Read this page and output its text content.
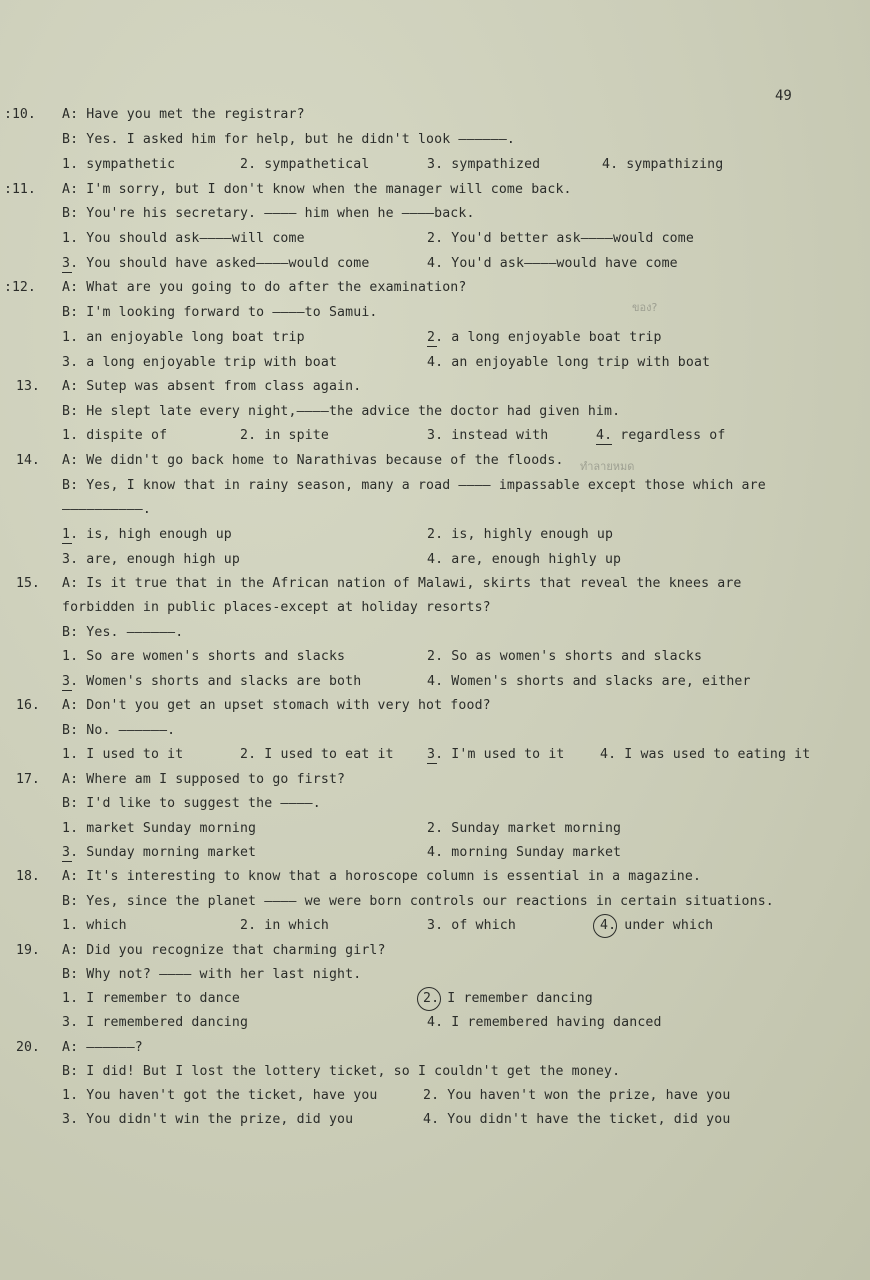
49
:10. A: Have you met the registrar?
B: Yes. I asked him for help, but he didn't look ——————.
1. sympathetic	2. sympathetical	3. sympathized	4. sympathizing
:11. A: I'm sorry, but I don't know when the manager will come back.
B: You're his secretary. ———— him when he ————back.
1. You should ask————will come	2. You'd better ask————would come
3. You should have asked————would come	4. You'd ask————would have come
:12. A: What are you going to do after the examination?
B: I'm looking forward to ————to Samui.	ของ?
1. an enjoyable long boat trip	2. a long enjoyable boat trip
3. a long enjoyable trip with boat	4. an enjoyable long trip with boat
13. A: Sutep was absent from class again.
B: He slept late every night,————the advice the doctor had given him.
1. dispite of	2. in spite	3. instead with	4. regardless of
14. A: We didn't go back home to Narathivas because of the floods. ทำลายหมด
B: Yes, I know that in rainy season, many a road ———— impassable except those which are
——————————.
1. is, high enough up	2. is, highly enough up
3. are, enough high up	4. are, enough highly up
15. A: Is it true that in the African nation of Malawi, skirts that reveal the knees are
forbidden in public places-except at holiday resorts?
B: Yes. ——————.
1. So are women's shorts and slacks	2. So as women's shorts and slacks
3. Women's shorts and slacks are both	4. Women's shorts and slacks are, either
16. A: Don't you get an upset stomach with very hot food?
B: No. ——————.
1. I used to it	2. I used to eat it	3. I'm used to it	4. I was used to eating it
17. A: Where am I supposed to go first?
B: I'd like to suggest the ————.
1. market Sunday morning	2. Sunday market morning
3. Sunday morning market	4. morning Sunday market
18. A: It's interesting to know that a horoscope column is essential in a magazine.
B: Yes, since the planet ———— we were born controls our reactions in certain situations.
1. which	2. in which	3. of which	4. under which
19. A: Did you recognize that charming girl?
B: Why not? ———— with her last night.
1. I remember to dance	2. I remember dancing
3. I remembered dancing	4. I remembered having danced
20. A: ——————?
B: I did! But I lost the lottery ticket, so I couldn't get the money.
1. You haven't got the ticket, have you	2. You haven't won the prize, have you
3. You didn't win the prize, did you	4. You didn't have the ticket, did you
